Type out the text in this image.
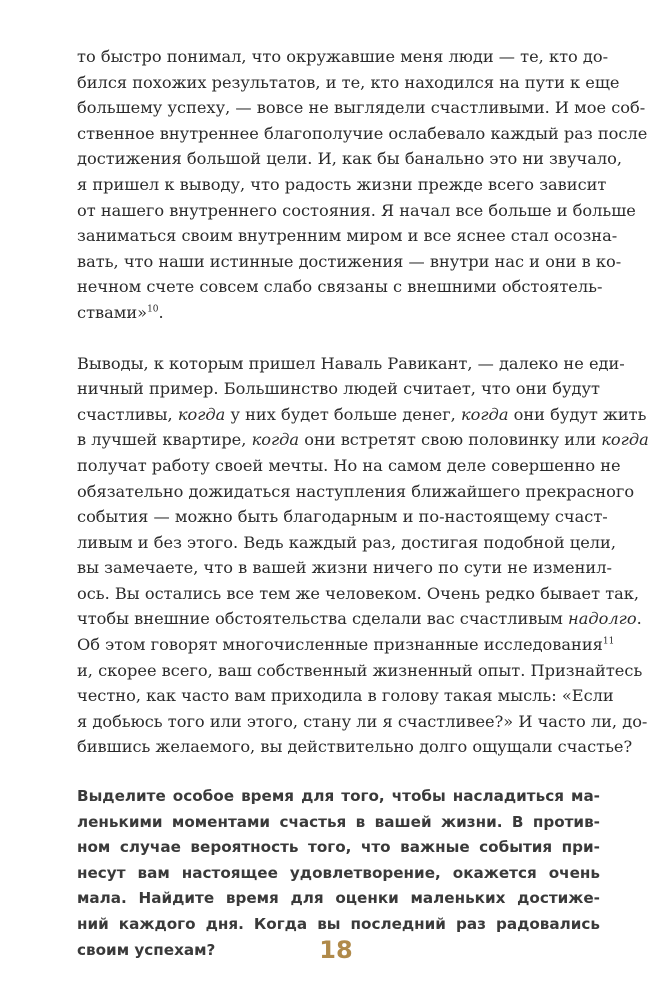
то быстро понимал, что окружавшие меня люди — те, кто до-
бился похожих результатов, и те, кто находился на пути к еще
большему успеху, — вовсе не выглядели счастливыми. И мое соб-
ственное внутреннее благополучие ослабевало каждый раз после
достижения большой цели. И, как бы банально это ни звучало,
я пришел к выводу, что радость жизни прежде всего зависит
от нашего внутреннего состояния. Я начал все больше и больше
заниматься своим внутренним миром и все яснее стал осозна-
вать, что наши истинные достижения — внутри нас и они в ко-
нечном счете совсем слабо связаны с внешними обстоятель-
ствами»$^{10}$.

Выводы, к которым пришел Наваль Равикант, — далеко не еди-
ничный пример. Большинство людей считает, что они будут
счастливы, когда у них будет больше денег, когда они будут жить
в лучшей квартире, когда они встретят свою половинку или когда
получат работу своей мечты. Но на самом деле совершенно не
обязательно дожидаться наступления ближайшего прекрасного
события — можно быть благодарным и по-настоящему счаст-
ливым и без этого. Ведь каждый раз, достигая подобной цели,
вы замечаете, что в вашей жизни ничего по сути не изменил-
ось. Вы остались все тем же человеком. Очень редко бывает так,
чтобы внешние обстоятельства сделали вас счастливым надолго.
Об этом говорят многочисленные признанные исследования$^{11}$
и, скорее всего, ваш собственный жизненный опыт. Признайтесь
честно, как часто вам приходила в голову такая мысль: «Если
я добьюсь того или этого, стану ли я счастливее?» И часто ли, до-
бившись желаемого, вы действительно долго ощущали счастье?

Выделите особое время для того, чтобы насладиться ма-
ленькими моментами счастья в вашей жизни. В против-
ном случае вероятность того, что важные события при-
несут вам настоящее удовлетворение, окажется очень
мала. Найдите время для оценки маленьких достиже-
ний каждого дня. Когда вы последний раз радовались
своим успехам?	18
